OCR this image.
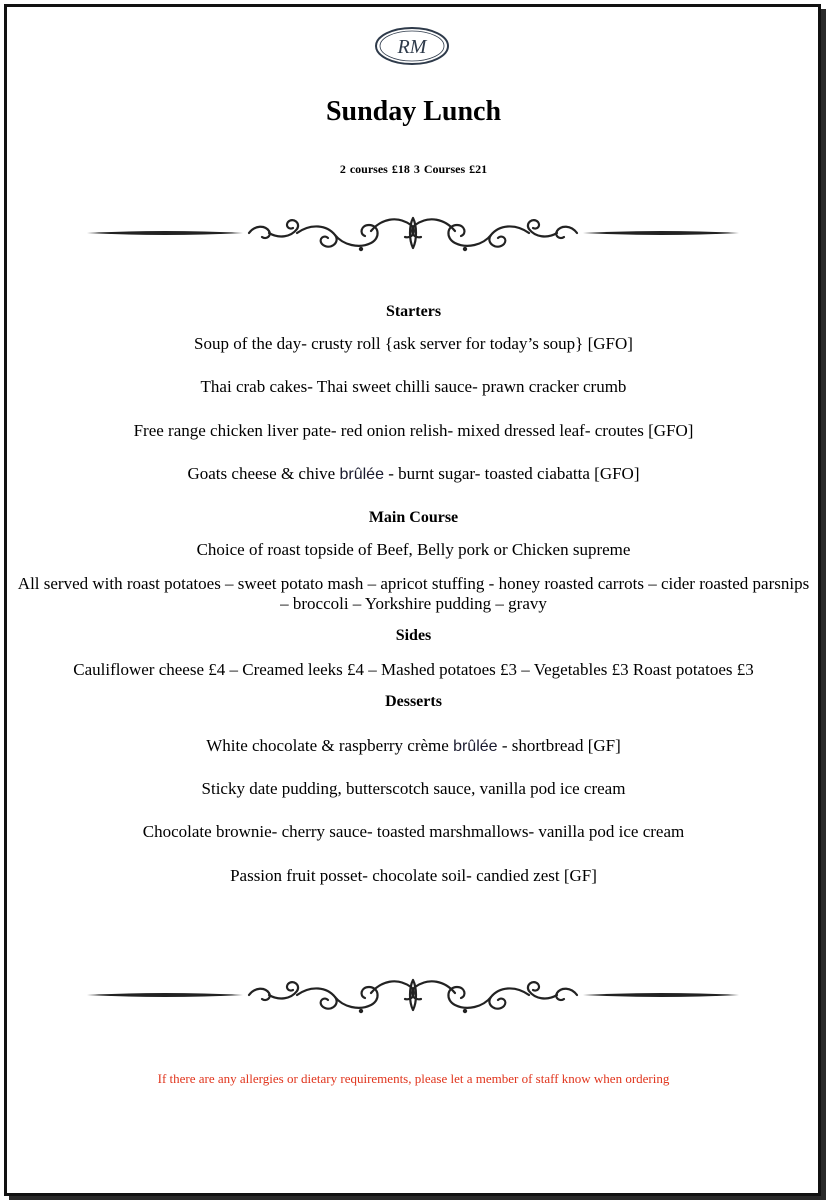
RM
Sunday Lunch
2 courses £18 3 Courses £21
Starters
Soup of the day- crusty roll {ask server for today’s soup} [GFO]
Thai crab cakes- Thai sweet chilli sauce- prawn cracker crumb
Free range chicken liver pate- red onion relish- mixed dressed leaf- croutes [GFO]
Goats cheese & chive brûlée - burnt sugar- toasted ciabatta [GFO]
Main Course
Choice of roast topside of Beef, Belly pork or Chicken supreme
All served with roast potatoes – sweet potato mash – apricot stuffing - honey roasted carrots – cider roasted parsnips – broccoli – Yorkshire pudding – gravy
Sides
Cauliflower cheese £4 – Creamed leeks £4 – Mashed potatoes £3 – Vegetables £3 Roast potatoes £3
Desserts
White chocolate & raspberry crème brûlée - shortbread [GF]
Sticky date pudding, butterscotch sauce, vanilla pod ice cream
Chocolate brownie- cherry sauce- toasted marshmallows- vanilla pod ice cream
Passion fruit posset- chocolate soil- candied zest [GF]
If there are any allergies or dietary requirements, please let a member of staff know when ordering
